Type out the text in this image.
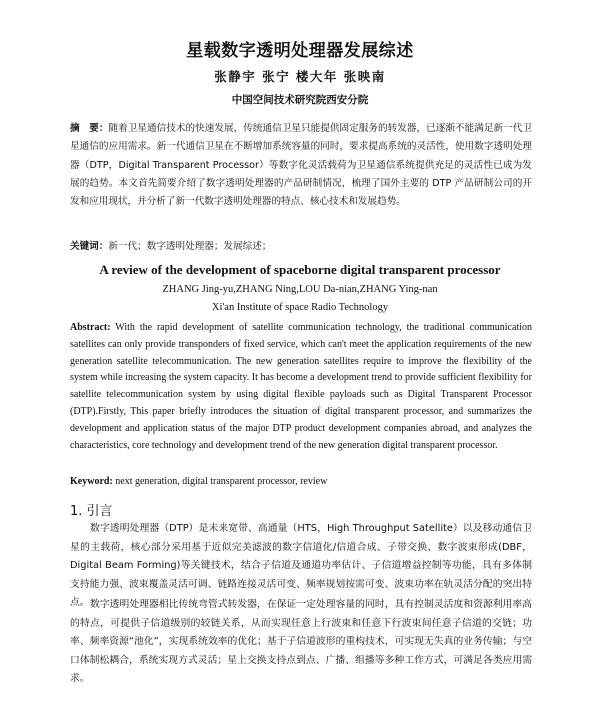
星载数字透明处理器发展综述
张静宇 张宁 楼大年 张映南
中国空间技术研究院西安分院
摘　要：随着卫星通信技术的快速发展，传统通信卫星只能提供固定服务的转发器，已逐渐不能满足新一代卫星通信的应用需求。新一代通信卫星在不断增加系统容量的同时，要求提高系统的灵活性，使用数字透明处理器（DTP，Digital Transparent Processor）等数字化灵活载荷为卫星通信系统提供充足的灵活性已成为发展的趋势。本文首先简要介绍了数字透明处理器的产品研制情况，梳理了国外主要的 DTP 产品研制公司的开发和应用现状，并分析了新一代数字透明处理器的特点、核心技术和发展趋势。
关键词：新一代；数字透明处理器；发展综述；
A review of the development of spaceborne digital transparent processor
ZHANG Jing-yu,ZHANG Ning,LOU Da-nian,ZHANG Ying-nan
Xi'an Institute of space Radio Technology
Abstract: With the rapid development of satellite communication technology, the traditional communication satellites can only provide transponders of fixed service, which can't meet the application requirements of the new generation satellite telecommunication. The new generation satellites require to improve the flexibility of the system while increasing the system capacity. It has become a development trend to provide sufficient flexibility for satellite telecommunication system by using digital flexible payloads such as Digital Transparent Processor (DTP).Firstly, This paper briefly introduces the situation of digital transparent processor, and summarizes the development and application status of the major DTP product development companies abroad, and analyzes the characteristics, core technology and development trend of the new generation digital transparent processor.
Keyword: next generation, digital transparent processor, review
1. 引言
数字透明处理器（DTP）是未来宽带、高通量（HTS，High Throughput Satellite）以及移动通信卫星的主载荷，核心部分采用基于近似完美滤波的数字信道化/信道合成、子带交换、数字波束形成(DBF，Digital Beam Forming)等关键技术，结合子信道及通道功率估计、子信道增益控制等功能，具有多体制支持能力强、波束覆盖灵活可调、链路连接灵活可变、频率规划按需可变、波束功率在轨灵活分配的突出特点。 数字透明处理器相比传统弯管式转发器，在保证一定处理容量的同时，具有控制灵活度和资源利用率高的特点，可提供子信道级别的较链关系，从而实现任意上行波束和任意下行波束间任意子信道的交链；功率、频率资源“池化”，实现系统效率的优化；基于子信道波形的重构技术，可实现无失真的业务传输；与空口体制松耦合，系统实现方式灵活；星上交换支持点到点、广播、组播等多种工作方式，可满足各类应用需求。
